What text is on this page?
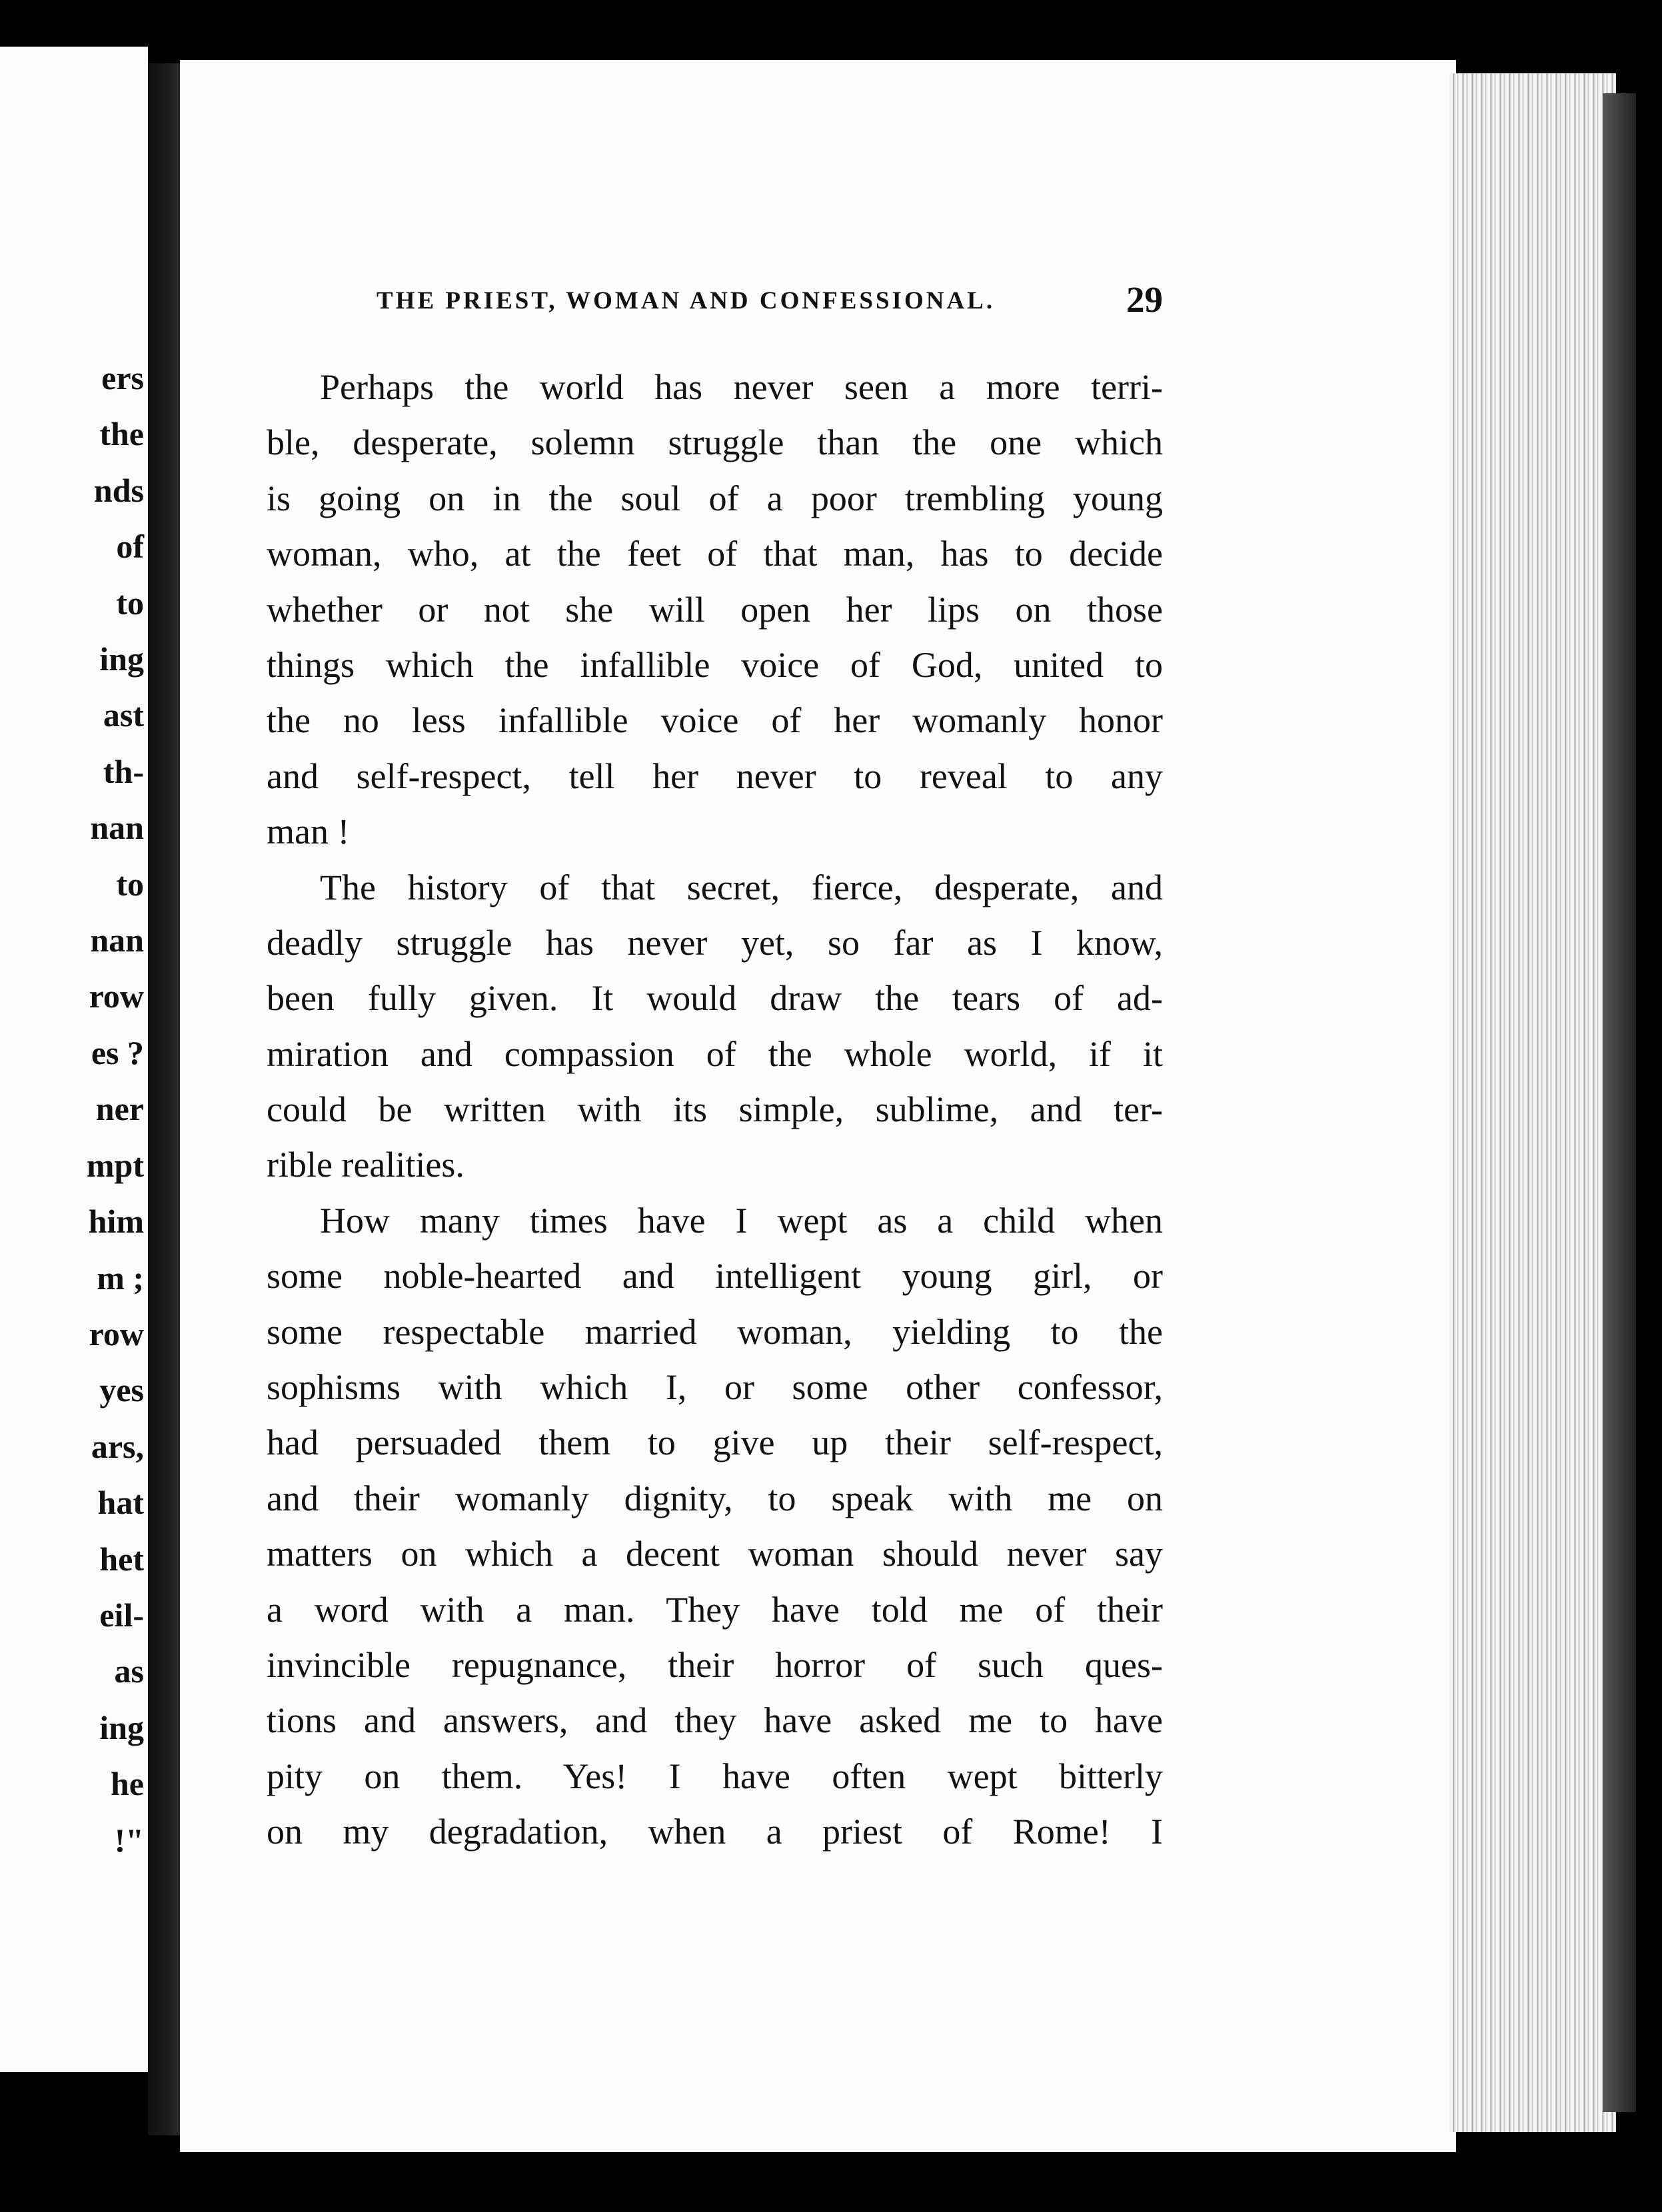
ers
the
nds
of
to
ing
ast
th-
nan
to
nan
row
es ?
ner
mpt
him
m ;
row
yes
ars,
hat
het
eil-
as
ing
he
!"
THE PRIEST, WOMAN AND CONFESSIONAL.	29
Perhaps the world has never seen a more terri-
ble, desperate, solemn struggle than the one which
is going on in the soul of a poor trembling young
woman, who, at the feet of that man, has to decide
whether or not she will open her lips on those
things which the infallible voice of God, united to
the no less infallible voice of her womanly honor
and self-respect, tell her never to reveal to any
man !
The history of that secret, fierce, desperate, and
deadly struggle has never yet, so far as I know,
been fully given. It would draw the tears of ad-
miration and compassion of the whole world, if it
could be written with its simple, sublime, and ter-
rible realities.
How many times have I wept as a child when
some noble-hearted and intelligent young girl, or
some respectable married woman, yielding to the
sophisms with which I, or some other confessor,
had persuaded them to give up their self-respect,
and their womanly dignity, to speak with me on
matters on which a decent woman should never say
a word with a man. They have told me of their
invincible repugnance, their horror of such ques-
tions and answers, and they have asked me to have
pity on them. Yes! I have often wept bitterly
on my degradation, when a priest of Rome! I
